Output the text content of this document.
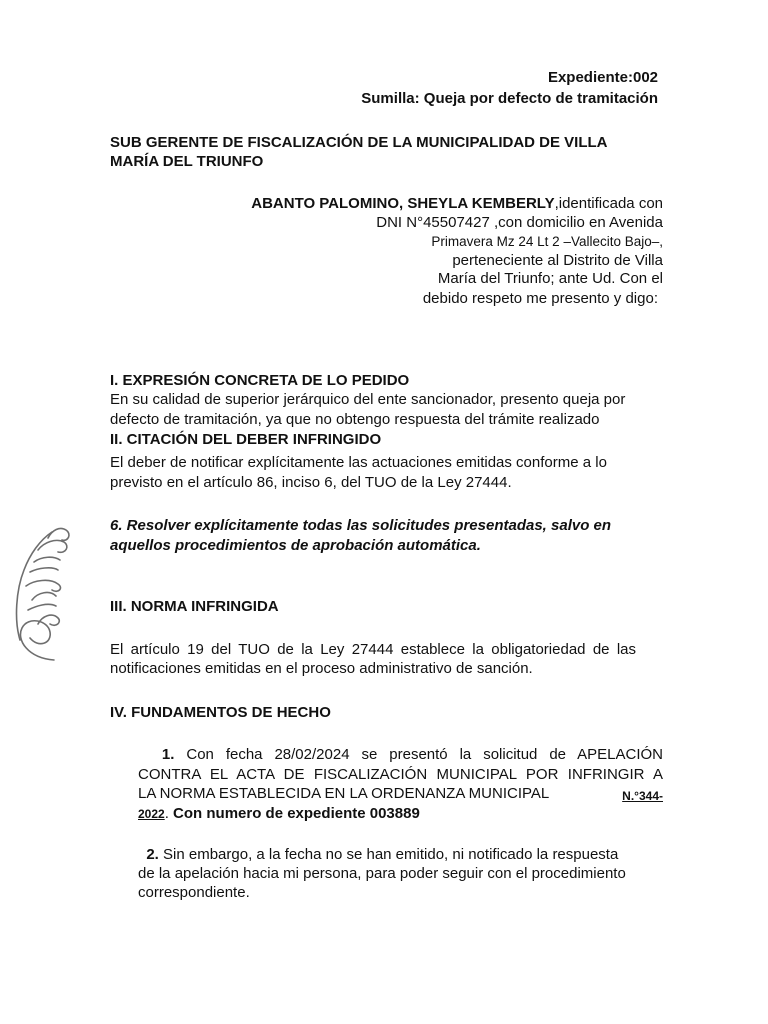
Expediente:002
Sumilla: Queja por defecto de tramitación
SUB GERENTE DE FISCALIZACIÓN DE LA MUNICIPALIDAD DE VILLA
MARÍA DEL TRIUNFO
ABANTO PALOMINO, SHEYLA KEMBERLY,identificada con
DNI N°45507427 ,con domicilio en Avenida
Primavera Mz 24 Lt 2 –Vallecito Bajo–,
perteneciente al Distrito de Villa
María del Triunfo; ante Ud. Con el
debido respeto me presento y digo:
I. EXPRESIÓN CONCRETA DE LO PEDIDO
En su calidad de superior jerárquico del ente sancionador, presento queja por
defecto de tramitación, ya que no obtengo respuesta del trámite realizado
II. CITACIÓN DEL DEBER INFRINGIDO
El deber de notificar explícitamente las actuaciones emitidas conforme a lo
previsto en el artículo 86, inciso 6, del TUO de la Ley 27444.
6. Resolver explícitamente todas las solicitudes presentadas, salvo en
aquellos procedimientos de aprobación automática.
III. NORMA INFRINGIDA
El artículo 19 del TUO de la Ley 27444 establece la obligatoriedad de las
notificaciones emitidas en el proceso administrativo de sanción.
IV. FUNDAMENTOS DE HECHO
1. Con fecha 28/02/2024 se presentó la solicitud de APELACIÓN
CONTRA EL ACTA DE FISCALIZACIÓN MUNICIPAL POR INFRINGIR A
LA NORMA ESTABLECIDA EN LA ORDENANZA MUNICIPAL	N.°344-
2022. Con numero de expediente 003889
2. Sin embargo, a la fecha no se han emitido, ni notificado la respuesta
de la apelación hacia mi persona, para poder seguir con el procedimiento
correspondiente.
